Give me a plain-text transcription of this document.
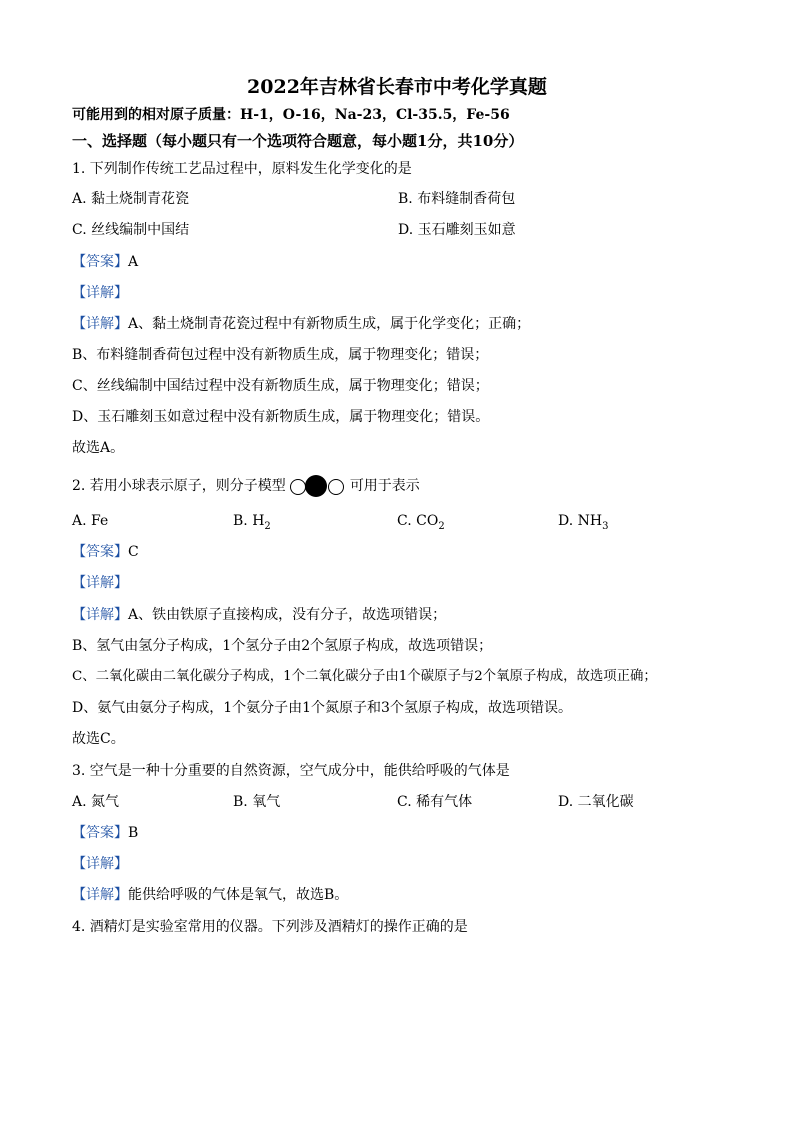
2022年吉林省长春市中考化学真题
可能用到的相对原子质量：H-1，O-16，Na-23，Cl-35.5，Fe-56
一、选择题（每小题只有一个选项符合题意，每小题1分，共10分）
1. 下列制作传统工艺品过程中，原料发生化学变化的是
A. 黏土烧制青花瓷	B. 布料缝制香荷包
C. 丝线编制中国结	D. 玉石雕刻玉如意
【答案】A
【详解】
【详解】A、黏土烧制青花瓷过程中有新物质生成，属于化学变化；正确；
B、布料缝制香荷包过程中没有新物质生成，属于物理变化；错误；
C、丝线编制中国结过程中没有新物质生成，属于物理变化；错误；
D、玉石雕刻玉如意过程中没有新物质生成，属于物理变化；错误。
故选A。
2. 若用小球表示原子，则分子模型	可用于表示
A. Fe	B. $H_2$	C. $CO_2$	D. $NH_3$
【答案】C
【详解】
【详解】A、铁由铁原子直接构成，没有分子，故选项错误；
B、氢气由氢分子构成，1个氢分子由2个氢原子构成，故选项错误；
C、二氧化碳由二氧化碳分子构成，1个二氧化碳分子由1个碳原子与2个氧原子构成，故选项正确；
D、氨气由氨分子构成，1个氨分子由1个氮原子和3个氢原子构成，故选项错误。
故选C。
3. 空气是一种十分重要的自然资源，空气成分中，能供给呼吸的气体是
A. 氮气	B. 氧气	C. 稀有气体	D. 二氧化碳
【答案】B
【详解】
【详解】能供给呼吸的气体是氧气，故选B。
4. 酒精灯是实验室常用的仪器。下列涉及酒精灯的操作正确的是
